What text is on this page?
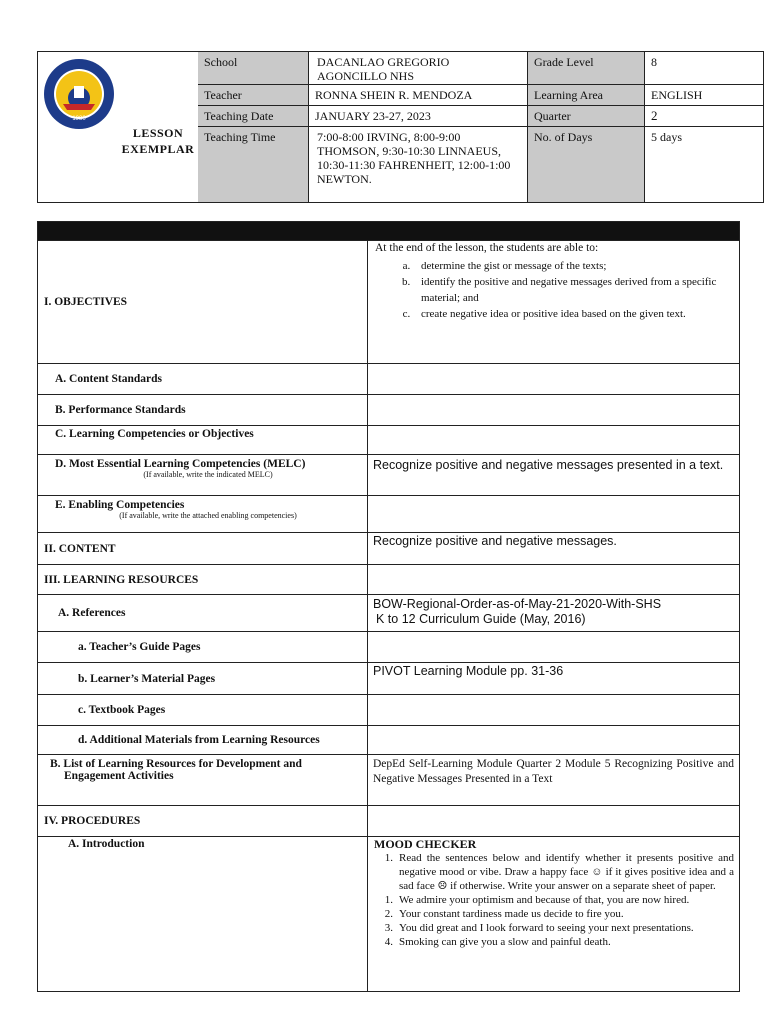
1980
LESSON
EXEMPLAR
School
Teacher
Teaching Date
Teaching Time
DACANLAO GREGORIO AGONCILLO NHS
RONNA SHEIN R. MENDOZA
JANUARY 23-27, 2023
7:00-8:00 IRVING, 8:00-9:00 THOMSON, 9:30-10:30 LINNAEUS, 10:30-11:30 FAHRENHEIT, 12:00-1:00 NEWTON.
Grade Level
Learning Area
Quarter
No. of Days
8
ENGLISH
2
5 days
I. OBJECTIVES
At the end of the lesson, the students are able to:
a. determine the gist or message of the texts;
b. identify the positive and negative messages derived from a specific material; and
c. create negative idea or positive idea based on the given text.
A. Content Standards
B. Performance Standards
C. Learning Competencies or Objectives
D. Most Essential Learning Competencies (MELC)
(If available, write the indicated MELC)
Recognize positive and negative messages presented in a text.
E. Enabling Competencies
(If available, write the attached enabling competencies)
II. CONTENT
Recognize positive and negative messages.
III. LEARNING RESOURCES
A. References
BOW-Regional-Order-as-of-May-21-2020-With-SHS
K to 12 Curriculum Guide (May, 2016)
a. Teacher’s Guide Pages
b. Learner’s Material Pages
PIVOT Learning Module pp. 31-36
c. Textbook Pages
d. Additional Materials from Learning Resources
B. List of Learning Resources for Development and
Engagement Activities
DepEd Self-Learning Module Quarter 2 Module 5 Recognizing Positive and Negative Messages Presented in a Text
IV. PROCEDURES
A. Introduction	MOOD CHECKER
1. Read the sentences below and identify whether it presents positive and negative mood or vibe. Draw a happy face ☺ if it gives positive idea and a sad face ☹ if otherwise. Write your answer on a separate sheet of paper.
1. We admire your optimism and because of that, you are now hired.
2. Your constant tardiness made us decide to fire you.
3. You did great and I look forward to seeing your next presentations.
4. Smoking can give you a slow and painful death.
